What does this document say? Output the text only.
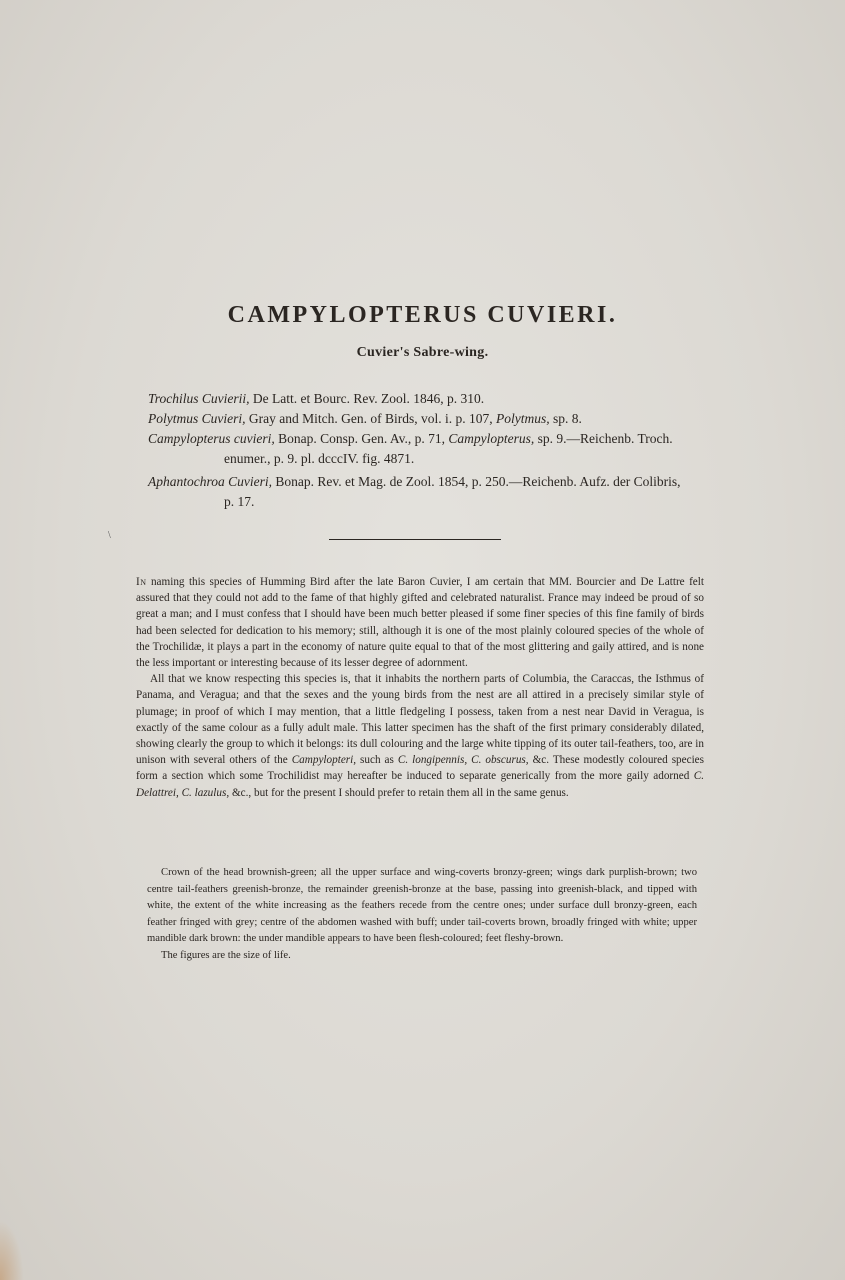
CAMPYLOPTERUS CUVIERI.
Cuvier's Sabre-wing.
Trochilus Cuvierii, De Latt. et Bourc. Rev. Zool. 1846, p. 310.
Polytmus Cuvieri, Gray and Mitch. Gen. of Birds, vol. i. p. 107, Polytmus, sp. 8.
Campylopterus cuvieri, Bonap. Consp. Gen. Av., p. 71, Campylopterus, sp. 9.—Reichenb. Troch.
enumer., p. 9. pl. dcccIV. fig. 4871.
Aphantochroa Cuvieri, Bonap. Rev. et Mag. de Zool. 1854, p. 250.—Reichenb. Aufz. der Colibris,
p. 17.
\

In naming this species of Humming Bird after the late Baron Cuvier, I am certain that MM. Bourcier and De Lattre felt assured that they could not add to the fame of that highly gifted and celebrated naturalist. France may indeed be proud of so great a man; and I must confess that I should have been much better pleased if some finer species of this fine family of birds had been selected for dedication to his memory; still, although it is one of the most plainly coloured species of the whole of the Trochilidæ, it plays a part in the economy of nature quite equal to that of the most glittering and gaily attired, and is none the less important or interesting because of its lesser degree of adornment.

All that we know respecting this species is, that it inhabits the northern parts of Columbia, the Caraccas, the Isthmus of Panama, and Veragua; and that the sexes and the young birds from the nest are all attired in a precisely similar style of plumage; in proof of which I may mention, that a little fledgeling I possess, taken from a nest near David in Veragua, is exactly of the same colour as a fully adult male. This latter specimen has the shaft of the first primary considerably dilated, showing clearly the group to which it belongs: its dull colouring and the large white tipping of its outer tail-feathers, too, are in unison with several others of the Campylopteri, such as C. longipennis, C. obscurus, &c. These modestly coloured species form a section which some Trochilidist may hereafter be induced to separate generically from the more gaily adorned C. Delattrei, C. lazulus, &c., but for the present I should prefer to retain them all in the same genus.

Crown of the head brownish-green; all the upper surface and wing-coverts bronzy-green; wings dark purplish-brown; two centre tail-feathers greenish-bronze, the remainder greenish-bronze at the base, passing into greenish-black, and tipped with white, the extent of the white increasing as the feathers recede from the centre ones; under surface dull bronzy-green, each feather fringed with grey; centre of the abdomen washed with buff; under tail-coverts brown, broadly fringed with white; upper mandible dark brown: the under mandible appears to have been flesh-coloured; feet fleshy-brown.

The figures are the size of life.
